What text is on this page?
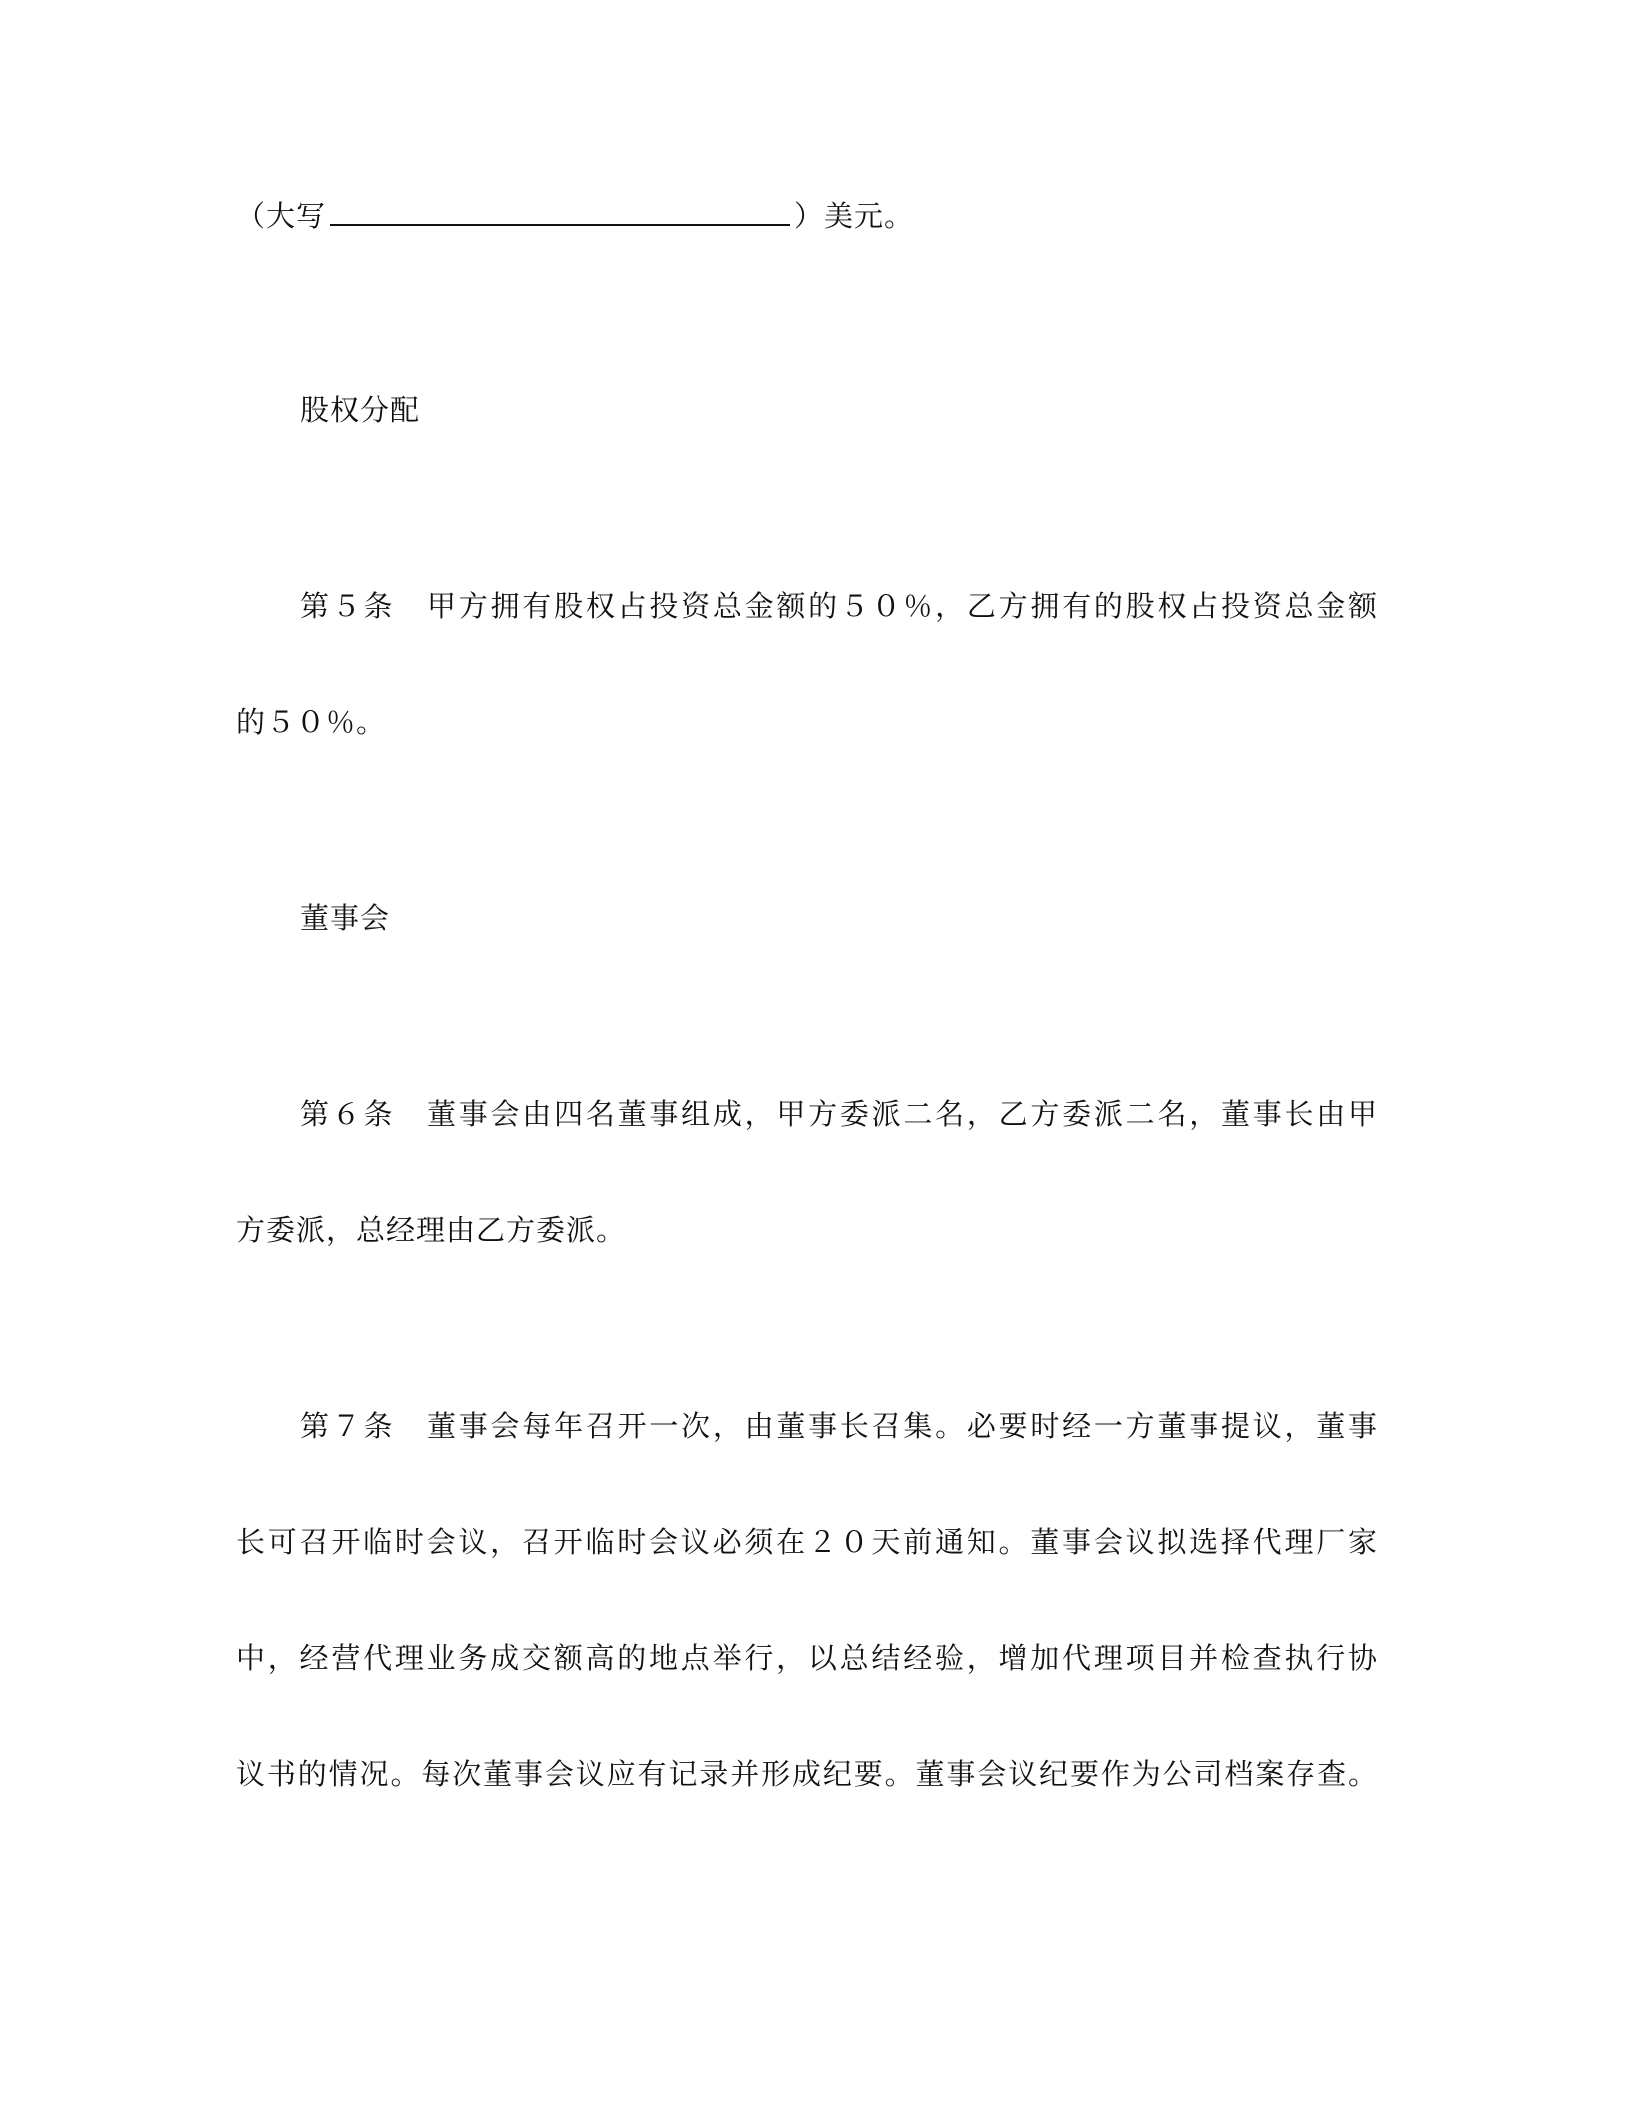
（大写	）美元。
股权分配
第５条 甲方拥有股权占投资总金额的５０％，乙方拥有的股权占投资总金额
的５０％。
董事会
第６条 董事会由四名董事组成，甲方委派二名，乙方委派二名，董事长由甲
方委派，总经理由乙方委派。
第７条 董事会每年召开一次，由董事长召集。必要时经一方董事提议，董事
长可召开临时会议，召开临时会议必须在２０天前通知。董事会议拟选择代理厂家
中，经营代理业务成交额高的地点举行，以总结经验，增加代理项目并检查执行协
议书的情况。每次董事会议应有记录并形成纪要。董事会议纪要作为公司档案存查。
